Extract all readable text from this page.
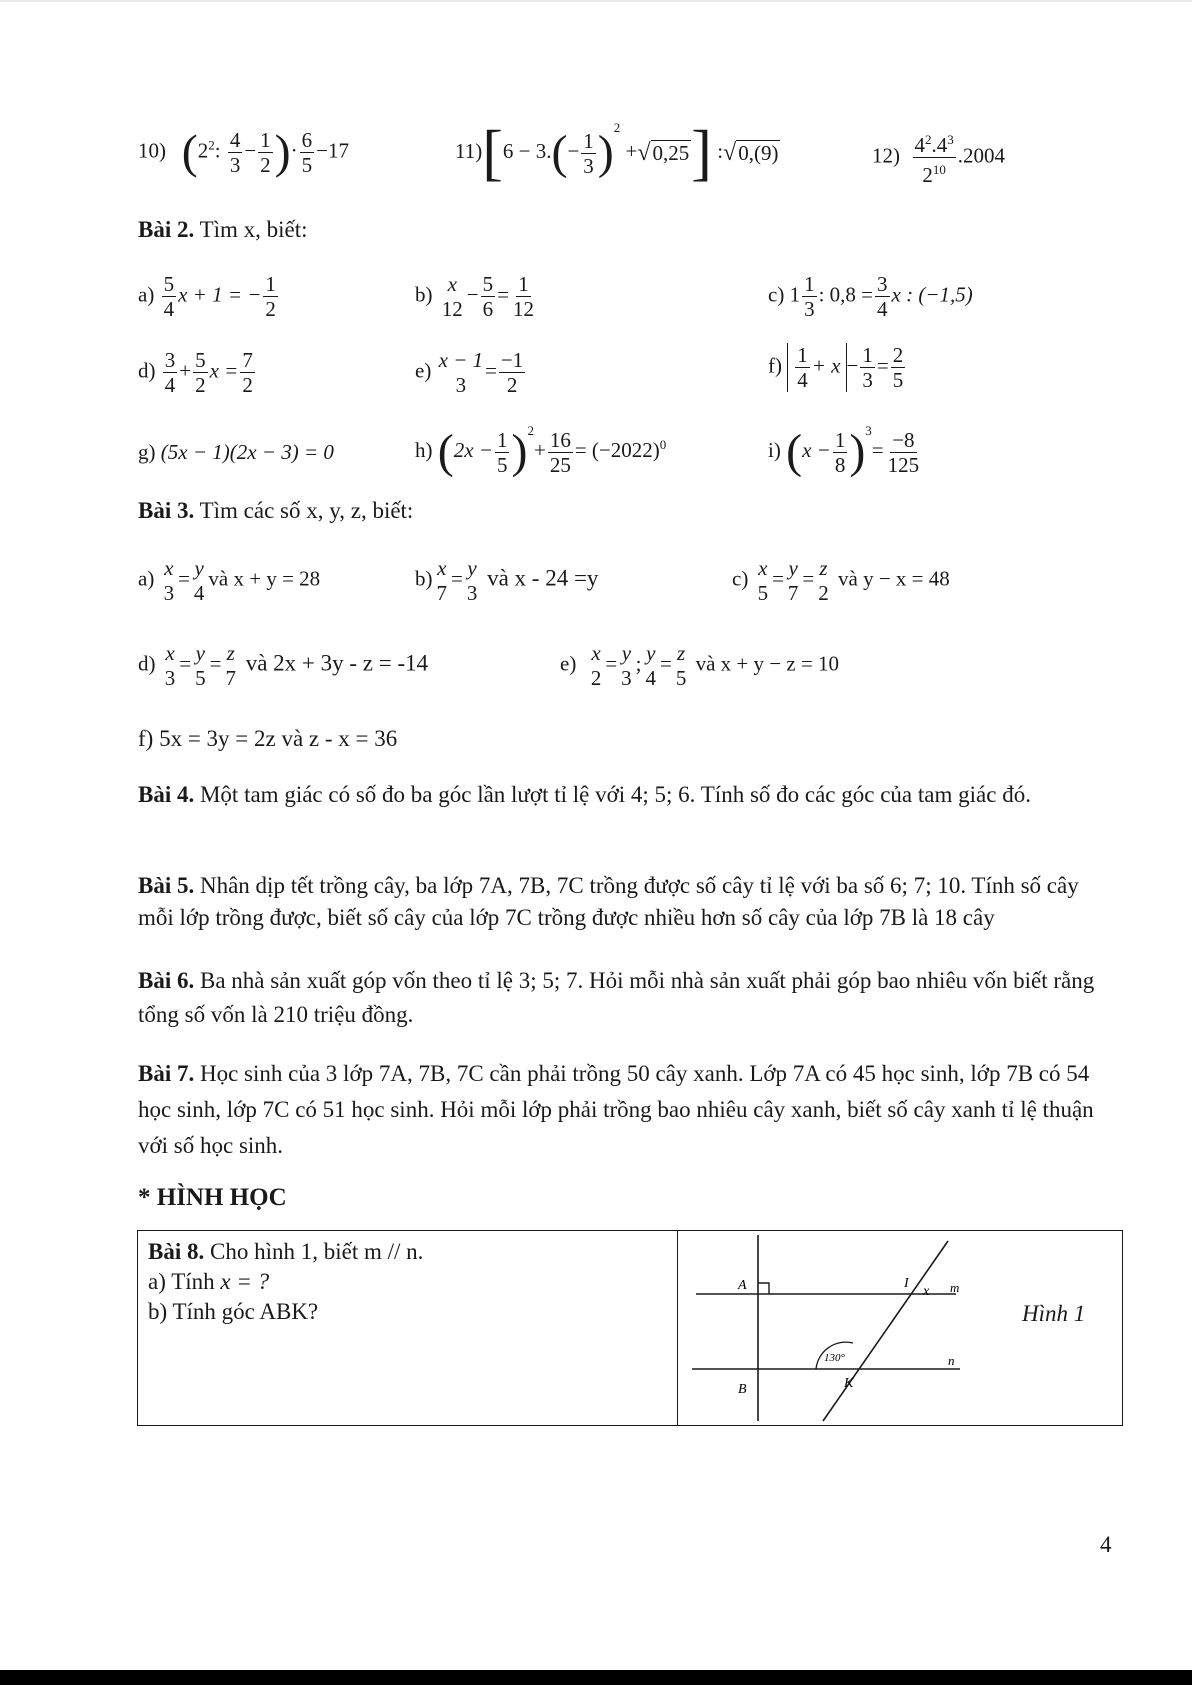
10) ($2^2$: $\frac{4}{3} - \frac{1}{2}$ )· $\frac{6}{5} -17$	$11)[6 - 3.(- \frac{1}{3} )^2 +√0,25]$ :√0,(9)	$12) \frac{4^2.4^3}{2^{10}} .2004$
Bài 2. Tìm x, biết:
$a) \frac{5}{4}$ x + 1 = − $\frac{1}{2}$	b) x
12
− $\frac{5}{6} = \frac{1}{12}$	c) $1 \frac{1}{3}$ : $0,8 = \frac{3}{4}$ x : (−1,5)
$d) \frac{3}{4} + \frac{5}{2}$ $x = \frac{7}{2}$	e) x − 1
3
= $\frac{-1}{2}$	$f) \frac{1}{4} + x - \frac{1}{3} = \frac{2}{5}$
g) (5x − 1)(2x − 3) = 0	h) $(2x - \frac{1}{5} )^2+ \frac{16}{25} = (-2022)^0$	i) $(x - \frac{1}{8} )^3= \frac{-8}{125}$
Bài 3. Tìm các số x, y, z, biết:
a) x
3
= y
4
và x + y = 28	b) x
7
= y
3
và x - 24 =y	c) x
5
= y
7
= z
2
và y − x = 48
d) x
3
= y
5
= z
7
và 2x + 3y - z = -14	e) x
2
= y
3
; y
4
= z
5
và x + y − z = 10
f) 5x = 3y = 2z và z - x = 36
Bài 4. Một tam giác có số đo ba góc lần lượt tỉ lệ với 4; 5; 6. Tính số đo các góc của tam giác đó.
Bài 5. Nhân dịp tết trồng cây, ba lớp 7A, 7B, 7C trồng được số cây tỉ lệ với ba số 6; 7; 10. Tính số cây mỗi lớp trồng được, biết số cây của lớp 7C trồng được nhiều hơn số cây của lớp 7B là 18 cây
Bài 6. Ba nhà sản xuất góp vốn theo tỉ lệ 3; 5; 7. Hỏi mỗi nhà sản xuất phải góp bao nhiêu vốn biết rằng tổng số vốn là 210 triệu đồng.
Bài 7. Học sinh của 3 lớp 7A, 7B, 7C cần phải trồng 50 cây xanh. Lớp 7A có 45 học sinh, lớp 7B có 54 học sinh, lớp 7C có 51 học sinh. Hỏi mỗi lớp phải trồng bao nhiêu cây xanh, biết số cây xanh tỉ lệ thuận với số học sinh.
* HÌNH HỌC
Bài 8. Cho hình 1, biết m // n.
a) Tính x = ?
b) Tính góc ABK?

A
B	K
I
x m
n
130°
Hình 1
4
